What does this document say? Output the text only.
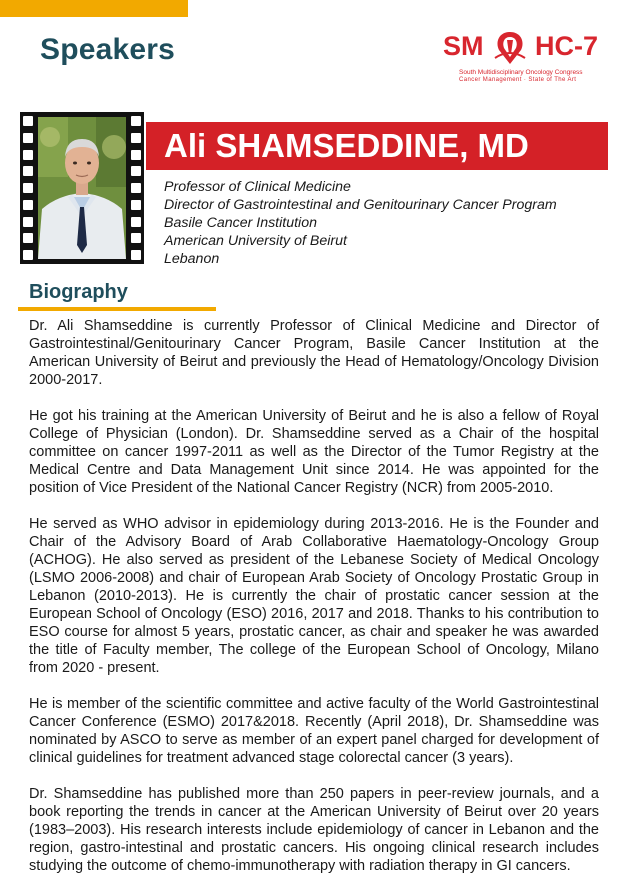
Speakers	SM HC-7
South Multidisciplinary Oncology Congress
Cancer Management · State of The Art
Ali SHAMSEDDINE, MD
Professor of Clinical Medicine
Director of Gastrointestinal and Genitourinary Cancer Program
Basile Cancer Institution
American University of Beirut
Lebanon
Biography

Dr. Ali Shamseddine is currently Professor of Clinical Medicine and Director of Gastrointestinal/Genitourinary Cancer Program, Basile Cancer Institution at the American University of Beirut and previously the Head of Hematology/Oncology Division 2000-2017.

He got his training at the American University of Beirut and he is also a fellow of Royal College of Physician (London). Dr. Shamseddine served as a Chair of the hospital committee on cancer 1997-2011 as well as the Director of the Tumor Registry at the Medical Centre and Data Management Unit since 2014. He was appointed for the position of Vice President of the National Cancer Registry (NCR) from 2005-2010.

He served as WHO advisor in epidemiology during 2013-2016. He is the Founder and Chair of the Advisory Board of Arab Collaborative Haematology-Oncology Group (ACHOG). He also served as president of the Lebanese Society of Medical Oncology (LSMO 2006-2008) and chair of European Arab Society of Oncology Prostatic Group in Lebanon (2010-2013). He is currently the chair of prostatic cancer session at the European School of Oncology (ESO) 2016, 2017 and 2018. Thanks to his contribution to ESO course for almost 5 years, prostatic cancer, as chair and speaker he was awarded the title of Faculty member, The college of the European School of Oncology, Milano from 2020 - present.

He is member of the scientific committee and active faculty of the World Gastrointestinal Cancer Conference (ESMO) 2017&2018. Recently (April 2018), Dr. Shamseddine was nominated by ASCO to serve as member of an expert panel charged for development of clinical guidelines for treatment advanced stage colorectal cancer (3 years).

Dr. Shamseddine has published more than 250 papers in peer-review journals, and a book reporting the trends in cancer at the American University of Beirut over 20 years (1983–2003). His research interests include epidemiology of cancer in Lebanon and the region, gastro-intestinal and prostatic cancers. His ongoing clinical research includes studying the outcome of chemo-immunotherapy with radiation therapy in GI cancers.
